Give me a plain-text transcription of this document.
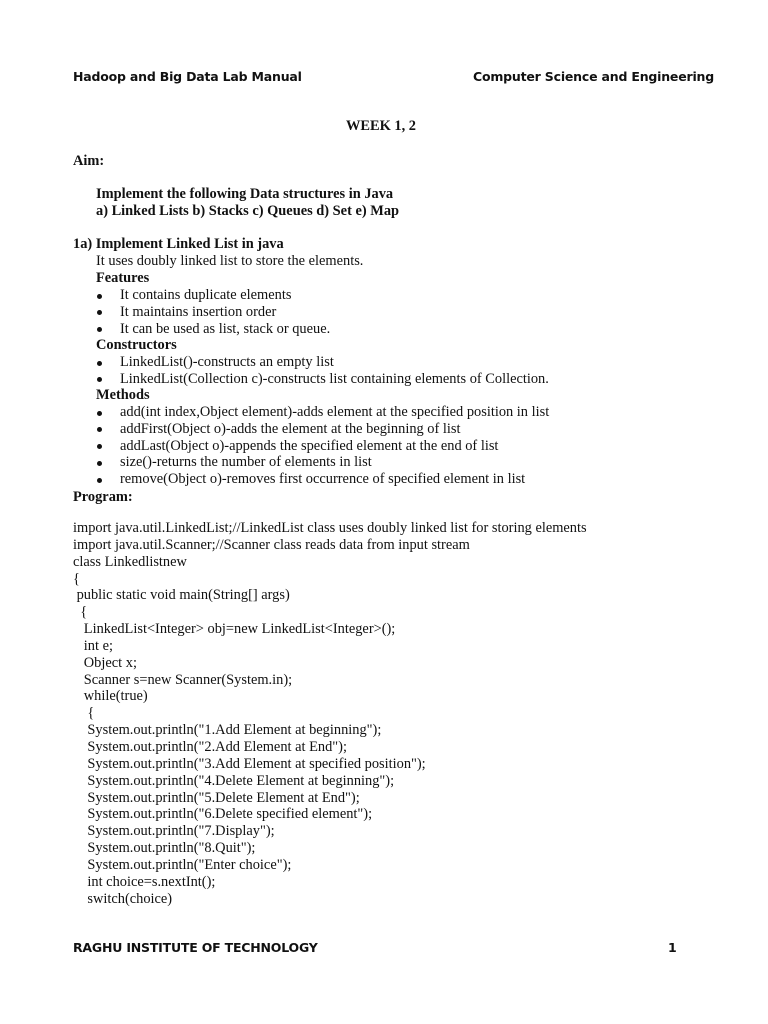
Hadoop and Big Data Lab Manual	Computer Science and Engineering
WEEK 1, 2
Aim:
Implement the following Data structures in Java
a) Linked Lists b) Stacks c) Queues d) Set e) Map
1a) Implement Linked List in java
It uses doubly linked list to store the elements.
Features
It contains duplicate elements
It maintains insertion order
It can be used as list, stack or queue.
Constructors
LinkedList()-constructs an empty list
LinkedList(Collection c)-constructs list containing elements of Collection.
Methods
add(int index,Object element)-adds element at the specified position in list
addFirst(Object o)-adds the element at the beginning of list
addLast(Object o)-appends the specified element at the end of list
size()-returns the number of elements in list
remove(Object o)-removes first occurrence of specified element in list
Program:
import java.util.LinkedList;//LinkedList class uses doubly linked list for storing elements
import java.util.Scanner;//Scanner class reads data from input stream
class Linkedlistnew
{
public static void main(String[] args)
{
LinkedList<Integer> obj=new LinkedList<Integer>();
int e;
Object x;
Scanner s=new Scanner(System.in);
while(true)
{
System.out.println("1.Add Element at beginning");
System.out.println("2.Add Element at End");
System.out.println("3.Add Element at specified position");
System.out.println("4.Delete Element at beginning");
System.out.println("5.Delete Element at End");
System.out.println("6.Delete specified element");
System.out.println("7.Display");
System.out.println("8.Quit");
System.out.println("Enter choice");
int choice=s.nextInt();
switch(choice)
RAGHU INSTITUTE OF TECHNOLOGY	1
